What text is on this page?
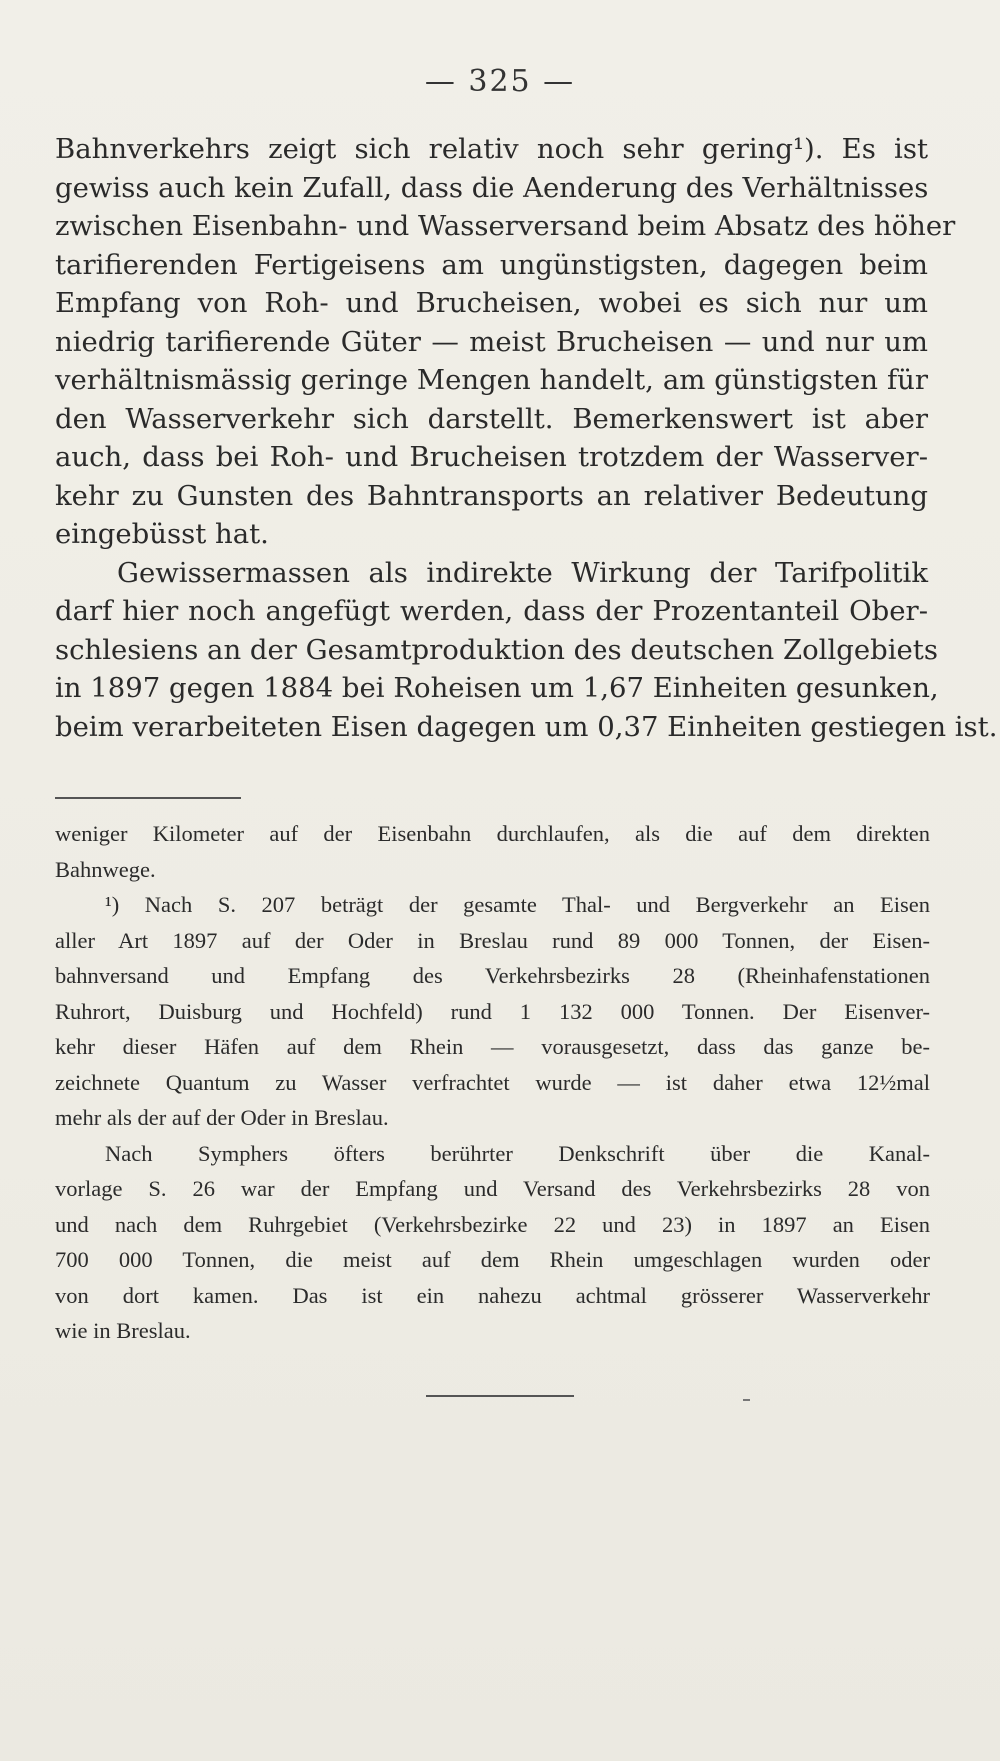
— 325 —
Bahnverkehrs zeigt sich relativ noch sehr gering¹). Es ist
gewiss auch kein Zufall, dass die Aenderung des Verhältnisses
zwischen Eisenbahn- und Wasserversand beim Absatz des höher
tarifierenden Fertigeisens am ungünstigsten, dagegen beim
Empfang von Roh- und Brucheisen, wobei es sich nur um
niedrig tarifierende Güter — meist Brucheisen — und nur um
verhältnismässig geringe Mengen handelt, am günstigsten für
den Wasserverkehr sich darstellt. Bemerkenswert ist aber
auch, dass bei Roh- und Brucheisen trotzdem der Wasserver-
kehr zu Gunsten des Bahntransports an relativer Bedeutung
eingebüsst hat.
Gewissermassen als indirekte Wirkung der Tarifpolitik
darf hier noch angefügt werden, dass der Prozentanteil Ober-
schlesiens an der Gesamtproduktion des deutschen Zollgebiets
in 1897 gegen 1884 bei Roheisen um 1,67 Einheiten gesunken,
beim verarbeiteten Eisen dagegen um 0,37 Einheiten gestiegen ist.
weniger Kilometer auf der Eisenbahn durchlaufen, als die auf dem direkten
Bahnwege.
¹) Nach S. 207 beträgt der gesamte Thal- und Bergverkehr an Eisen
aller Art 1897 auf der Oder in Breslau rund 89 000 Tonnen, der Eisen-
bahnversand und Empfang des Verkehrsbezirks 28 (Rheinhafenstationen
Ruhrort, Duisburg und Hochfeld) rund 1 132 000 Tonnen. Der Eisenver-
kehr dieser Häfen auf dem Rhein — vorausgesetzt, dass das ganze be-
zeichnete Quantum zu Wasser verfrachtet wurde — ist daher etwa 12½mal
mehr als der auf der Oder in Breslau.
Nach Symphers öfters berührter Denkschrift über die Kanal-
vorlage S. 26 war der Empfang und Versand des Verkehrsbezirks 28 von
und nach dem Ruhrgebiet (Verkehrsbezirke 22 und 23) in 1897 an Eisen
700 000 Tonnen, die meist auf dem Rhein umgeschlagen wurden oder
von dort kamen. Das ist ein nahezu achtmal grösserer Wasserverkehr
wie in Breslau.
